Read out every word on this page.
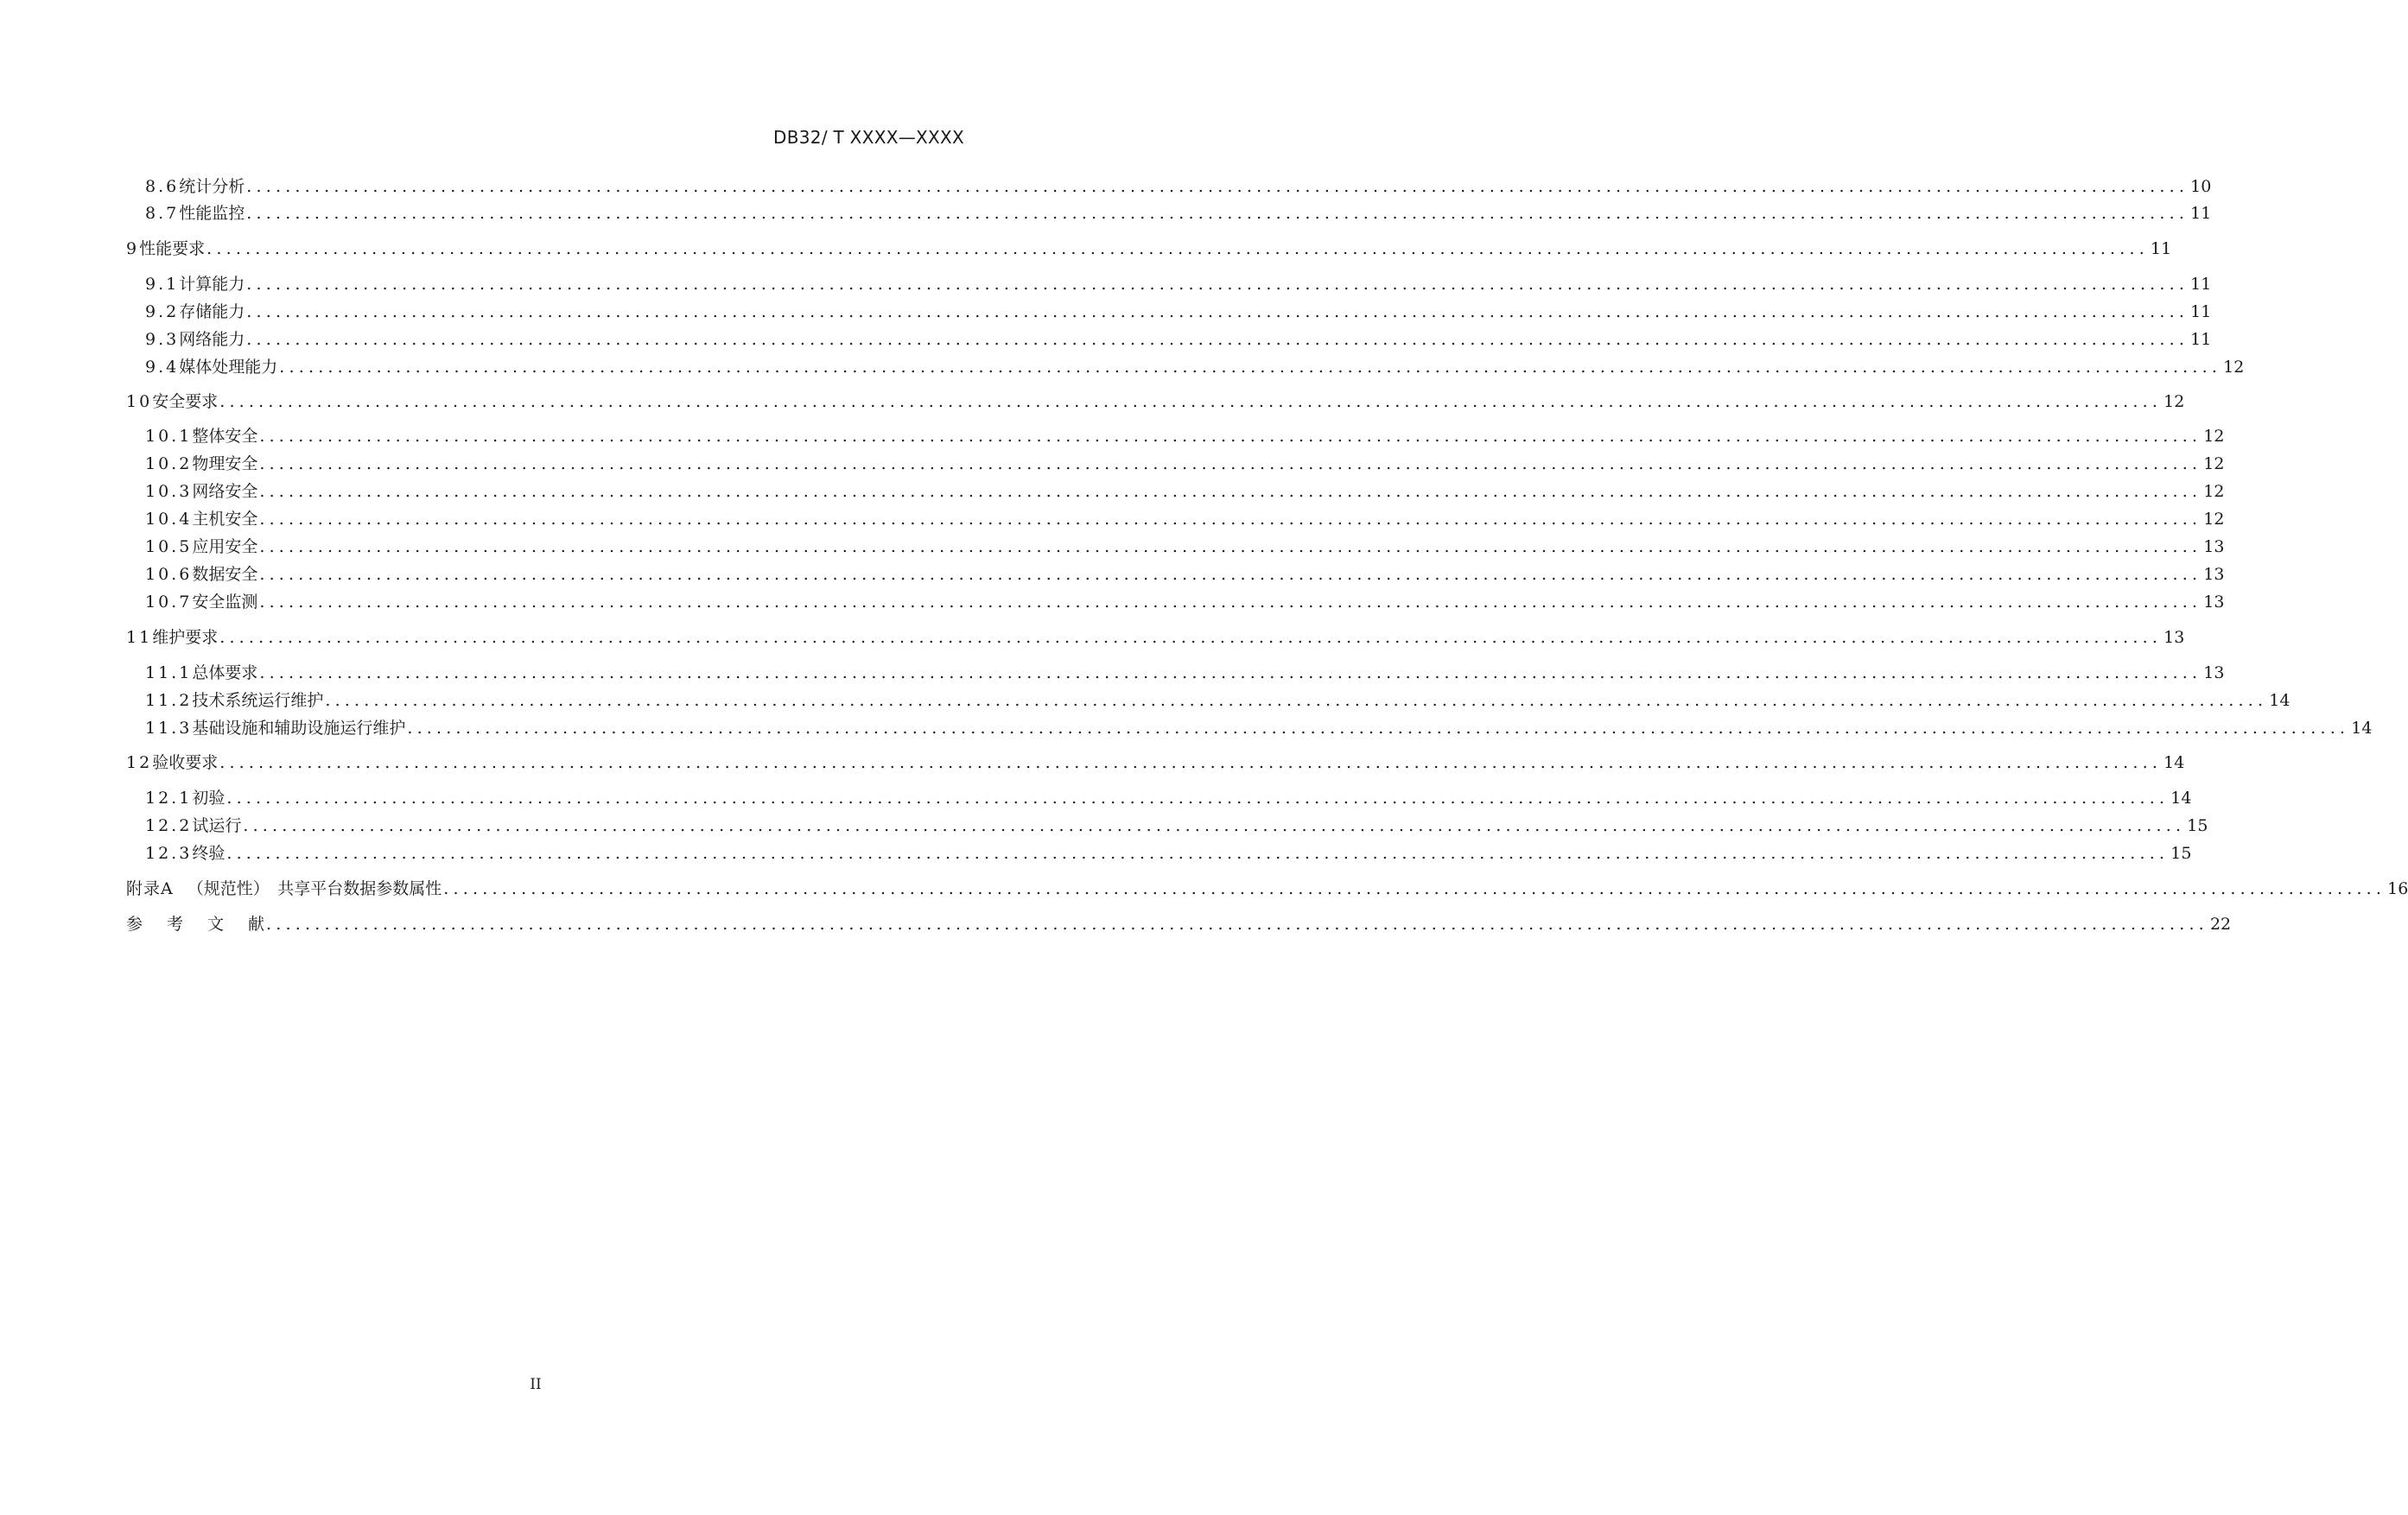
DB32/ T XXXX—XXXX
8.6 统计分析 ........................................................................................................................................................................................................ 10
8.7 性能监控 ........................................................................................................................................................................................................ 11
9 性能要求 ........................................................................................................................................................................................................ 11
9.1 计算能力 ........................................................................................................................................................................................................ 11
9.2 存储能力 ........................................................................................................................................................................................................ 11
9.3 网络能力 ........................................................................................................................................................................................................ 11
9.4 媒体处理能力 ........................................................................................................................................................................................................ 12
10 安全要求 ........................................................................................................................................................................................................ 12
10.1 整体安全 ........................................................................................................................................................................................................ 12
10.2 物理安全 ........................................................................................................................................................................................................ 12
10.3 网络安全 ........................................................................................................................................................................................................ 12
10.4 主机安全 ........................................................................................................................................................................................................ 12
10.5 应用安全 ........................................................................................................................................................................................................ 13
10.6 数据安全 ........................................................................................................................................................................................................ 13
10.7 安全监测 ........................................................................................................................................................................................................ 13
11 维护要求 ........................................................................................................................................................................................................ 13
11.1 总体要求 ........................................................................................................................................................................................................ 13
11.2 技术系统运行维护 ........................................................................................................................................................................................................ 14
11.3 基础设施和辅助设施运行维护 ........................................................................................................................................................................................................ 14
12 验收要求 ........................................................................................................................................................................................................ 14
12.1 初验 ........................................................................................................................................................................................................ 14
12.2 试运行 ........................................................................................................................................................................................................ 15
12.3 终验 ........................................................................................................................................................................................................ 15
附录A （规范性）　共享平台数据参数属性 ........................................................................................................................................................................................................ 16
参考文献
........................................................................................................................................................................................................ 22
II
